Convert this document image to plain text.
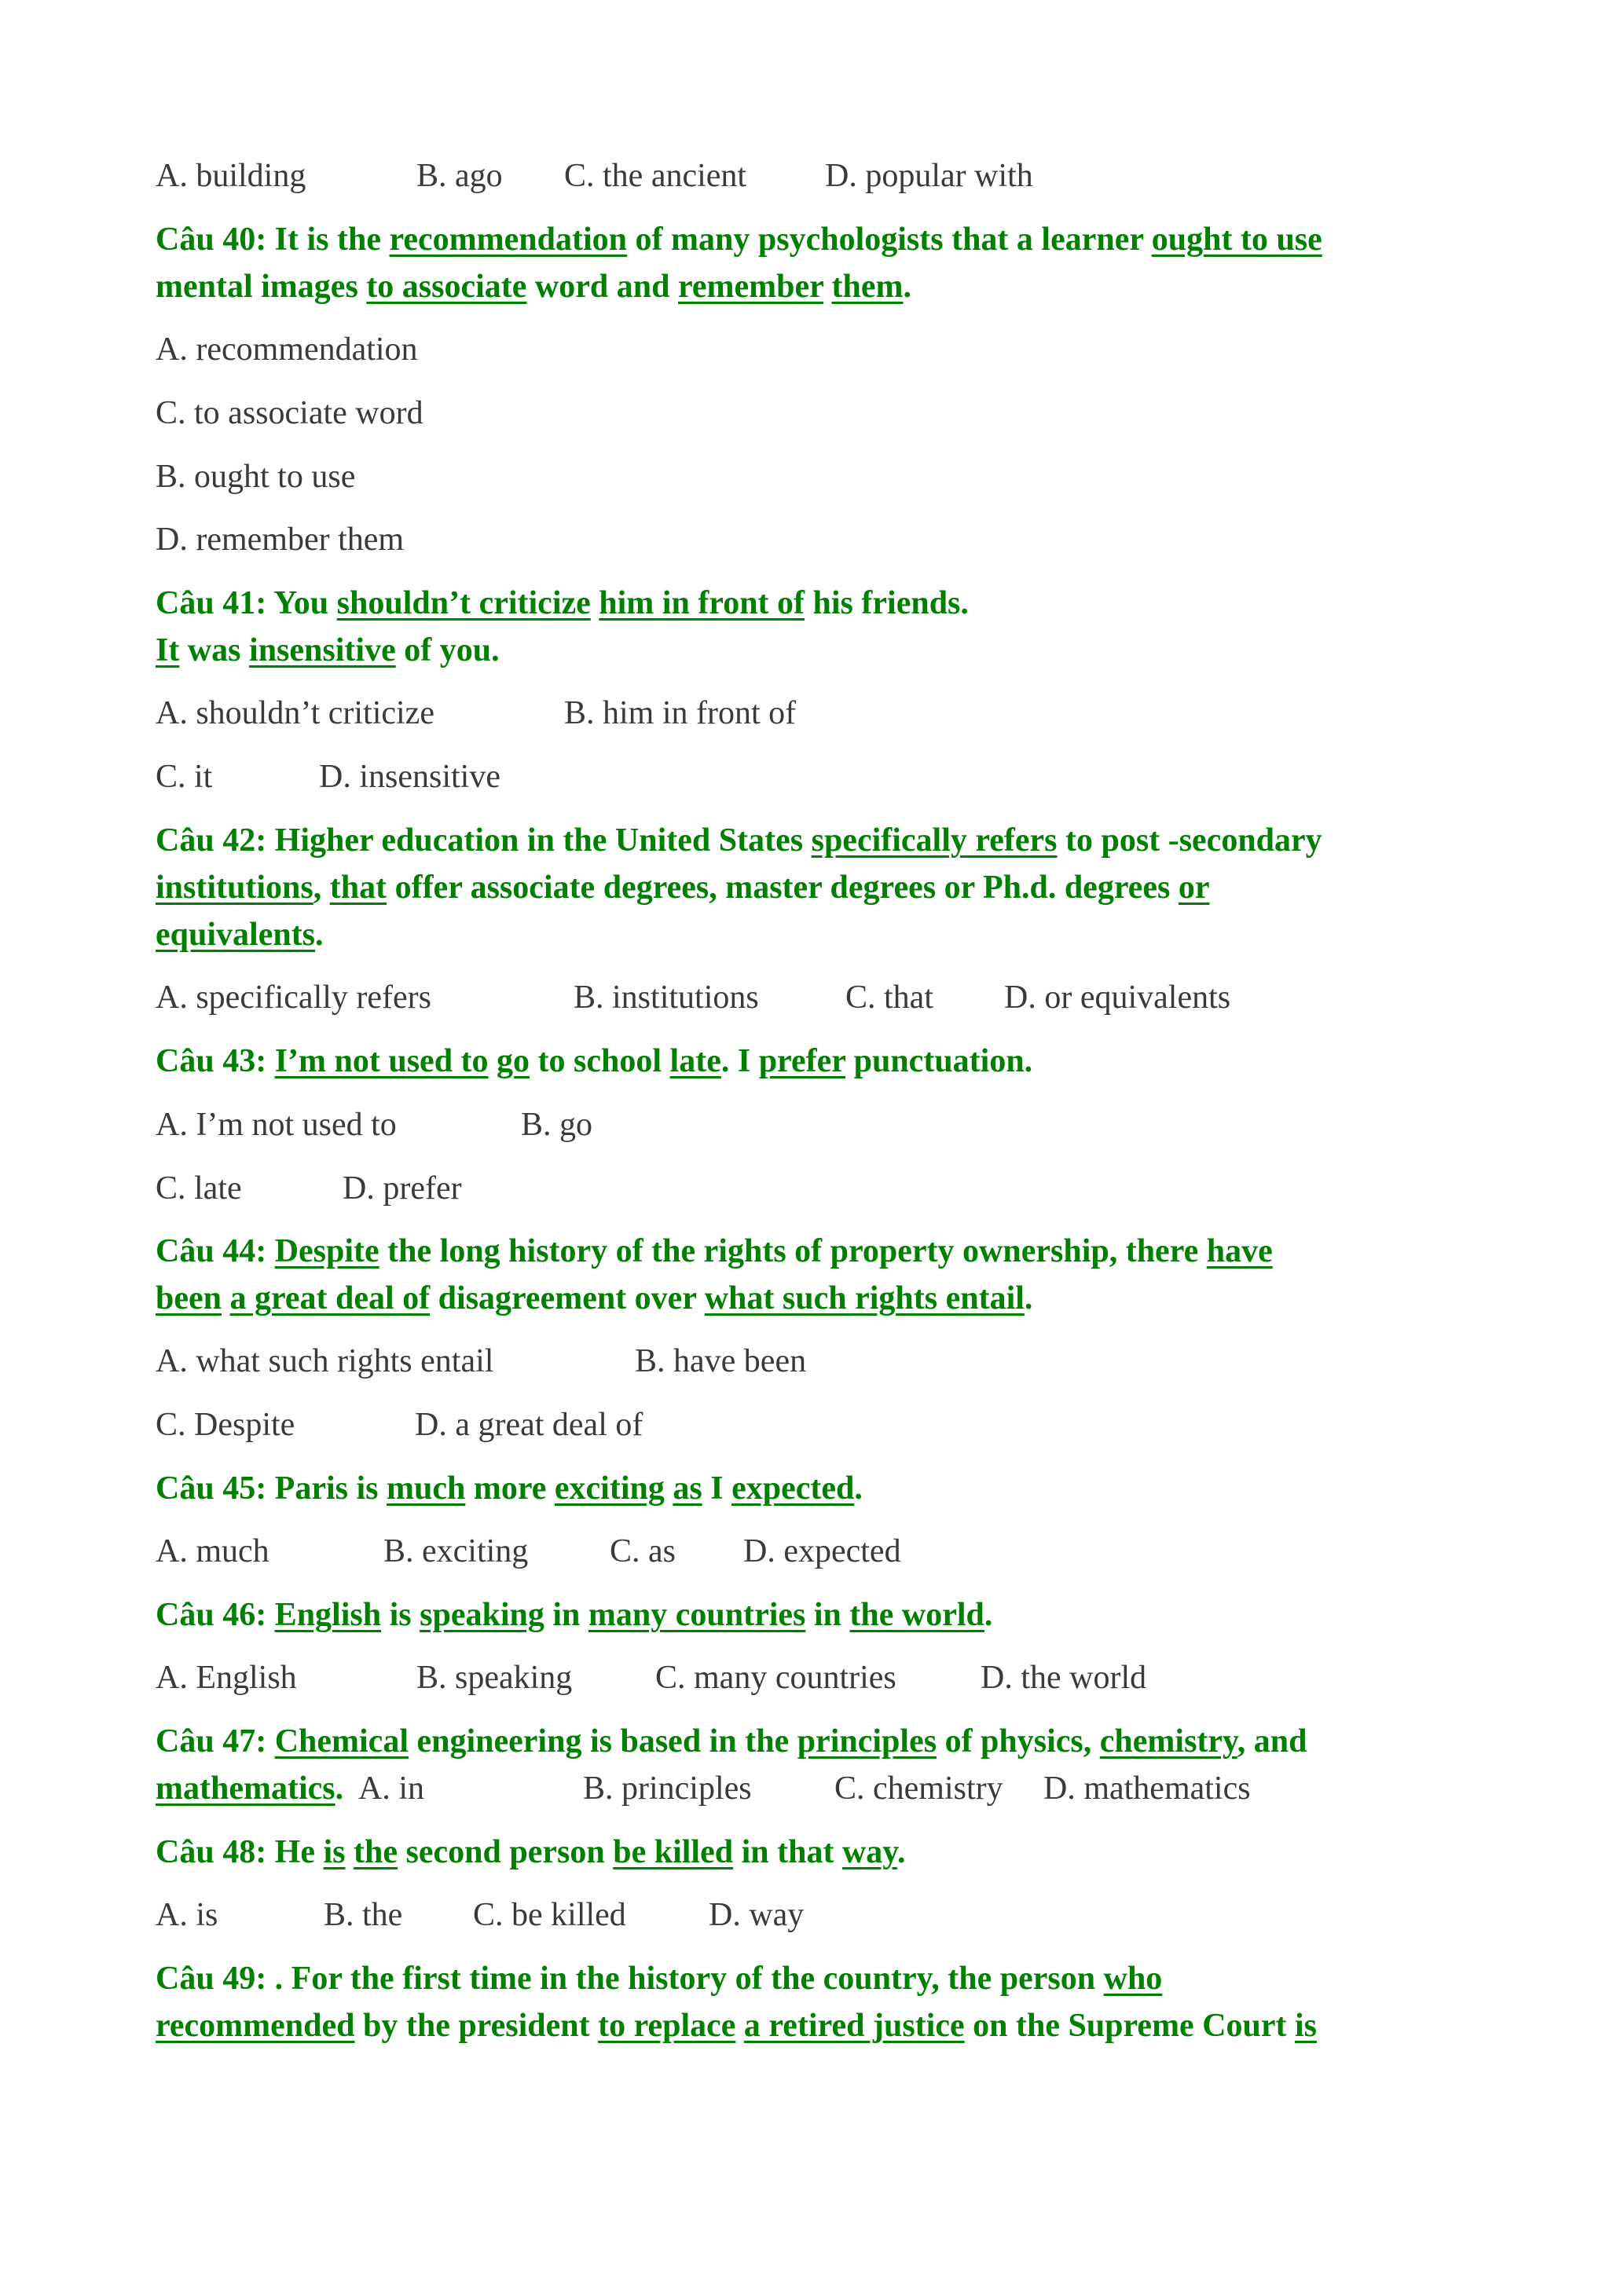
A. building	B. ago C. the ancient D. popular with
Câu 40: It is the recommendation of many psychologists that a learner ought to use
mental images to associate word and remember them.
A. recommendation
C. to associate word
B. ought to use
D. remember them
Câu 41: You shouldn’t criticize him in front of his friends.
It was insensitive of you.
A. shouldn’t criticize	B. him in front of
C. it	D. insensitive
Câu 42: Higher education in the United States specifically refers to post -secondary
institutions, that offer associate degrees, master degrees or Ph.d. degrees or
equivalents.
A. specifically refers	B. institutions	C. that D. or equivalents
Câu 43: I’m not used to go to school late. I prefer punctuation.
A. I’m not used to	B. go
C. late	D. prefer
Câu 44: Despite the long history of the rights of property ownership, there have
been a great deal of disagreement over what such rights entail.
A. what such rights entail	B. have been
C. Despite	D. a great deal of
Câu 45: Paris is much more exciting as I expected.
A. much	B. exciting C. as D. expected
Câu 46: English is speaking in many countries in the world.
A. English	B. speaking	C. many countries	D. the world
Câu 47: Chemical engineering is based in the principles of physics, chemistry, and
mathematics. A. in	B. principles	C. chemistry D. mathematics
Câu 48: He is the second person be killed in that way.
A. is	B. the C. be killed	D. way
Câu 49: . For the first time in the history of the country, the person who
recommended by the president to replace a retired justice on the Supreme Court is
